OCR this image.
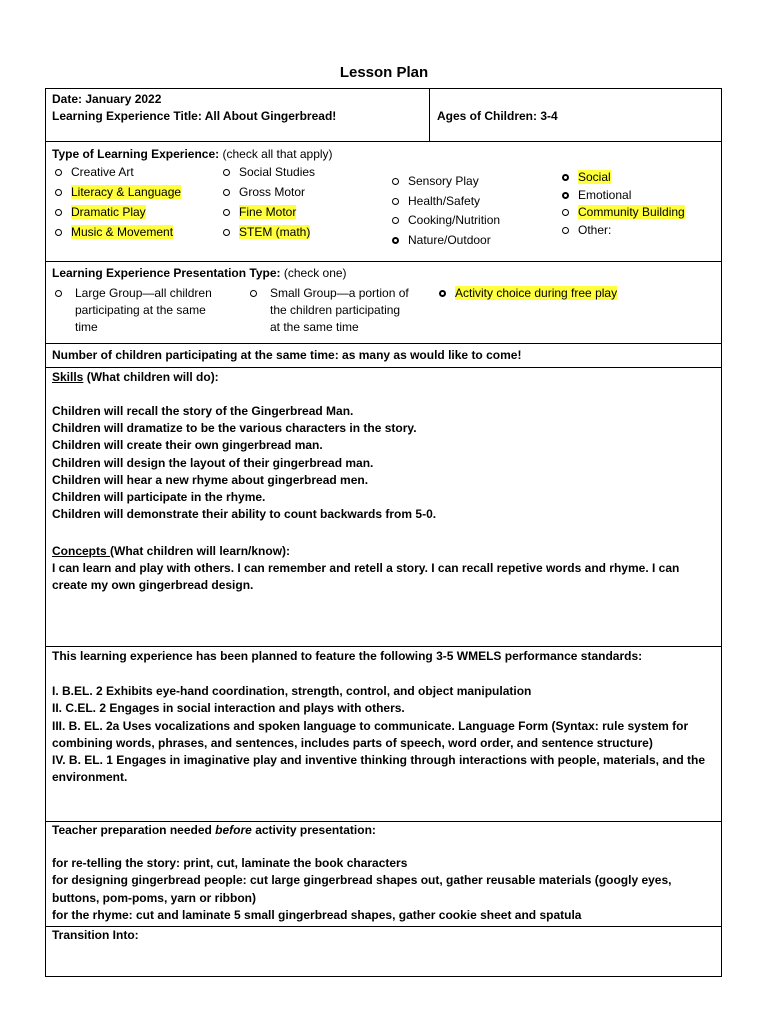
Lesson Plan
Date: January 2022
Learning Experience Title: All About Gingerbread!	Ages of Children: 3-4
Type of Learning Experience: (check all that apply)
Creative Art
Literacy & Language
Dramatic Play
Music & Movement
Social Studies
Gross Motor
Fine Motor
STEM (math)
Sensory Play
Health/Safety
Cooking/Nutrition
Nature/Outdoor
Social
Emotional
Community Building
Other:
Learning Experience Presentation Type: (check one)
Large Group—all children
participating at the same
time
Small Group—a portion of
the children participating
at the same time
Activity choice during free play
Number of children participating at the same time: as many as would like to come!
Skills (What children will do):
Children will recall the story of the Gingerbread Man.
Children will dramatize to be the various characters in the story.
Children will create their own gingerbread man.
Children will design the layout of their gingerbread man.
Children will hear a new rhyme about gingerbread men.
Children will participate in the rhyme.
Children will demonstrate their ability to count backwards from 5-0.
Concepts (What children will learn/know):
I can learn and play with others. I can remember and retell a story. I can recall repetive words and rhyme. I can
create my own gingerbread design.
This learning experience has been planned to feature the following 3-5 WMELS performance standards:
I. B.EL. 2 Exhibits eye-hand coordination, strength, control, and object manipulation
II. C.EL. 2 Engages in social interaction and plays with others.
III. B. EL. 2a Uses vocalizations and spoken language to communicate. Language Form (Syntax: rule system for
combining words, phrases, and sentences, includes parts of speech, word order, and sentence structure)
IV. B. EL. 1 Engages in imaginative play and inventive thinking through interactions with people, materials, and the
environment.
Teacher preparation needed before activity presentation:
for re-telling the story: print, cut, laminate the book characters
for designing gingerbread people: cut large gingerbread shapes out, gather reusable materials (googly eyes,
buttons, pom-poms, yarn or ribbon)
for the rhyme: cut and laminate 5 small gingerbread shapes, gather cookie sheet and spatula
Transition Into:
